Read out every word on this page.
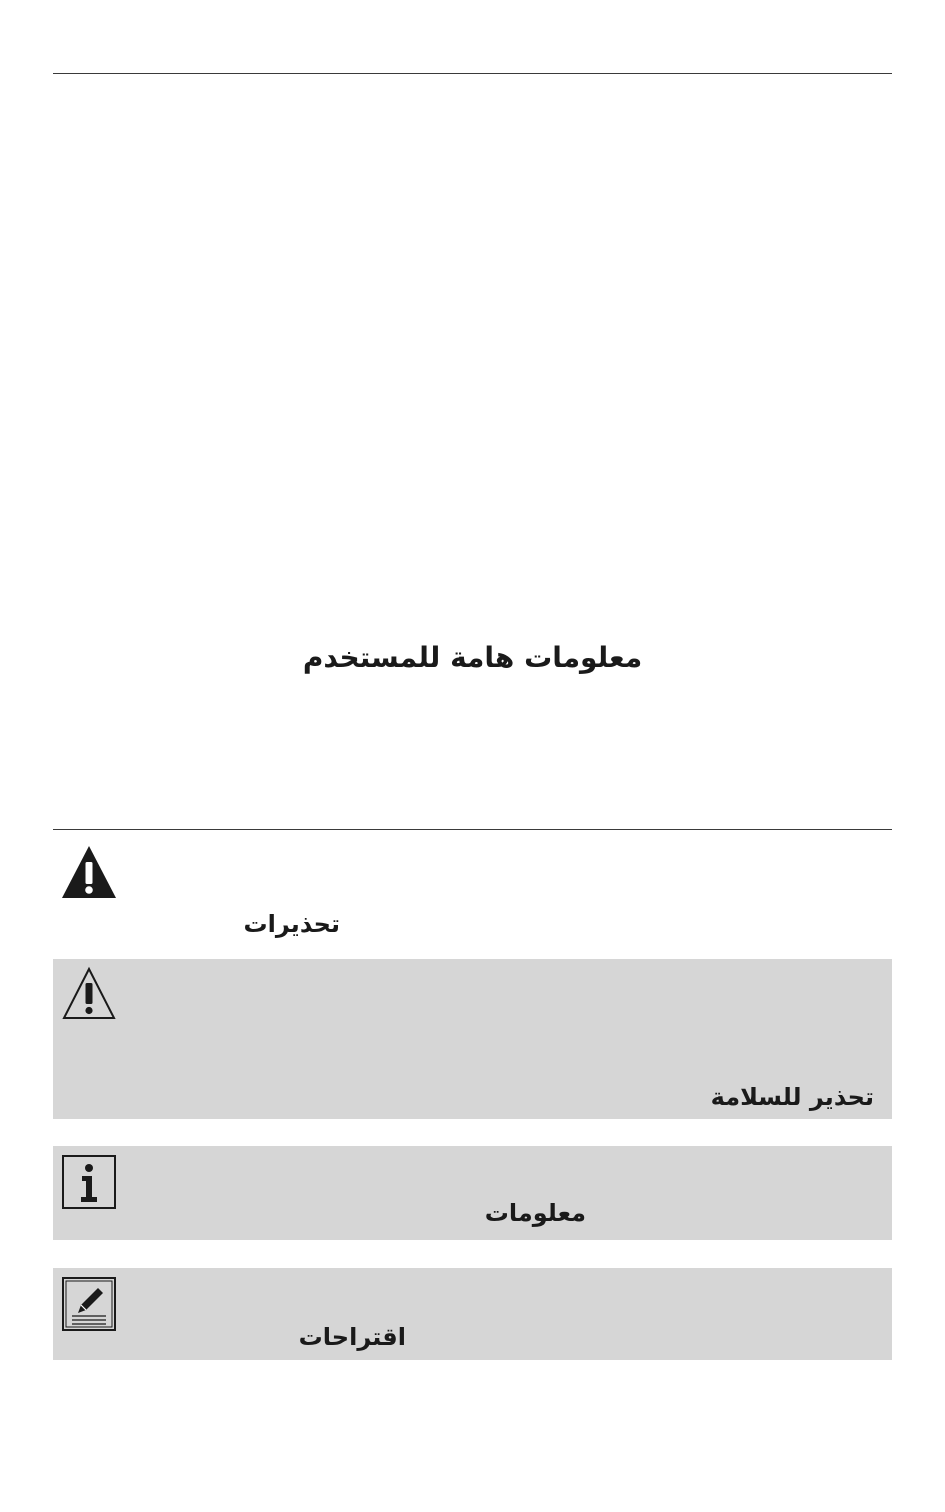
معلومات هامة للمستخدم
تحذيرات
تحذير للسلامة
معلومات
اقتراحات
